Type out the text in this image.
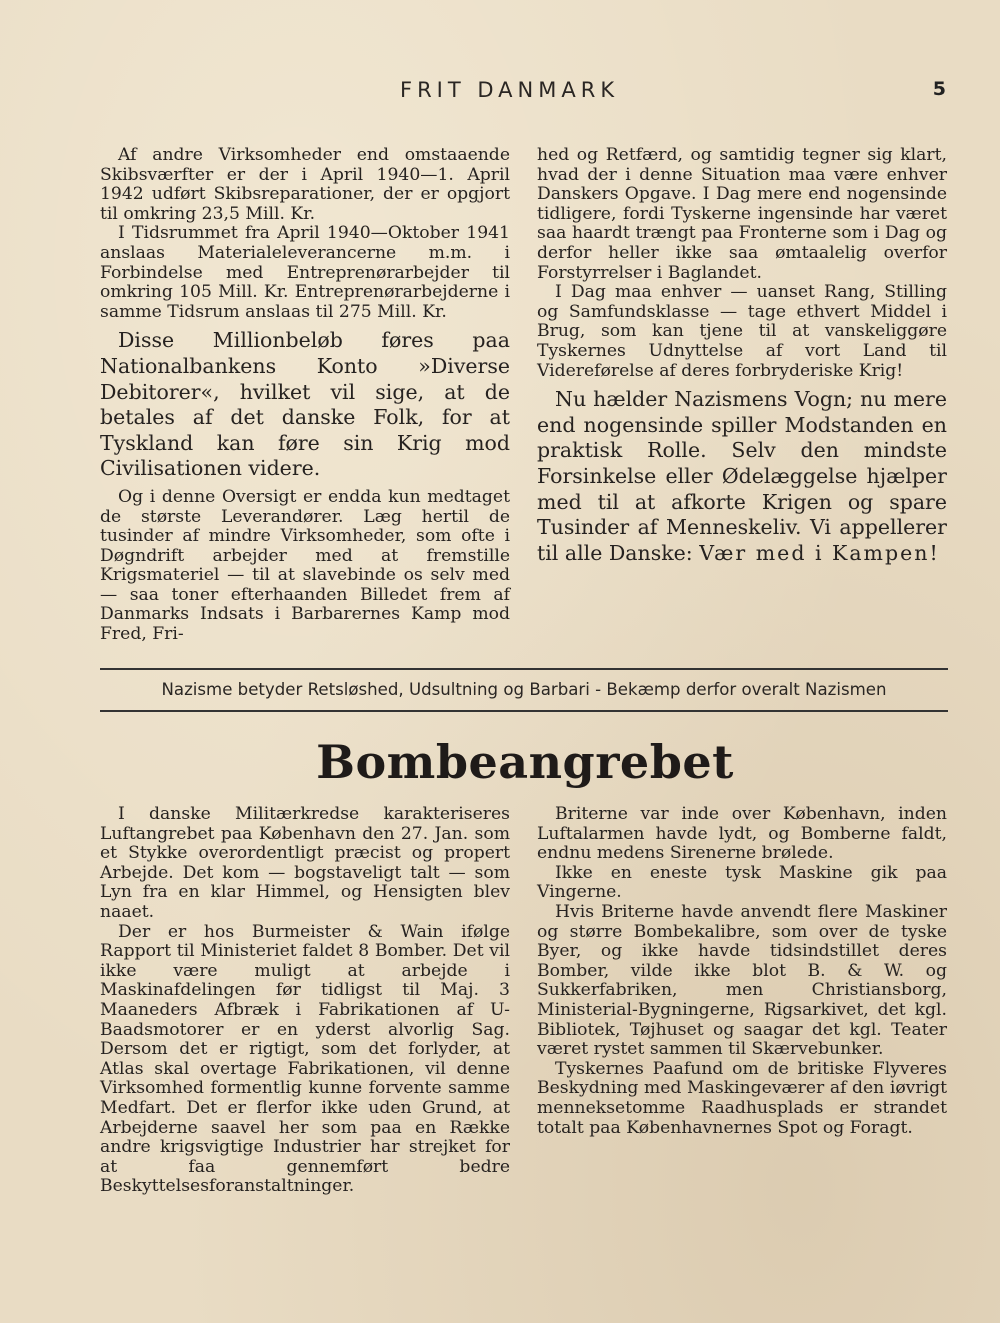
FRIT DANMARK	5

Af andre Virksomheder end omstaaende Skibsværfter er der i April 1940—1. April 1942 udført Skibsreparationer, der er opgjort til omkring 23,5 Mill. Kr.

I Tidsrummet fra April 1940—Oktober 1941 anslaas Materialeleverancerne m.m. i Forbindelse med Entreprenørarbejder til omkring 105 Mill. Kr. Entreprenørarbejderne i samme Tidsrum anslaas til 275 Mill. Kr.

Disse Millionbeløb føres paa Nationalbankens Konto »Diverse Debitorer«, hvilket vil sige, at de betales af det danske Folk, for at Tyskland kan føre sin Krig mod Civilisationen videre.

Og i denne Oversigt er endda kun medtaget de største Leverandører. Læg hertil de tusinder af mindre Virksomheder, som ofte i Døgndrift arbejder med at fremstille Krigsmateriel — til at slavebinde os selv med — saa toner efterhaanden Billedet frem af Danmarks Indsats i Barbarernes Kamp mod Fred, Fri-

hed og Retfærd, og samtidig tegner sig klart, hvad der i denne Situation maa være enhver Danskers Opgave. I Dag mere end nogensinde tidligere, fordi Tyskerne ingensinde har været saa haardt trængt paa Fronterne som i Dag og derfor heller ikke saa ømtaalelig overfor Forstyrrelser i Baglandet.

I Dag maa enhver — uanset Rang, Stilling og Samfundsklasse — tage ethvert Middel i Brug, som kan tjene til at vanskeliggøre Tyskernes Udnyttelse af vort Land til Videreførelse af deres forbryderiske Krig!

Nu hælder Nazismens Vogn; nu mere end nogensinde spiller Modstanden en praktisk Rolle. Selv den mindste Forsinkelse eller Ødelæggelse hjælper med til at afkorte Krigen og spare Tusinder af Menneskeliv. Vi appellerer til alle Danske: Vær med i Kampen!

Nazisme betyder Retsløshed, Udsultning og Barbari - Bekæmp derfor overalt Nazismen
Bombeangrebet

I danske Militærkredse karakteriseres Luftangrebet paa København den 27. Jan. som et Stykke overordentligt præcist og propert Arbejde. Det kom — bogstaveligt talt — som Lyn fra en klar Himmel, og Hensigten blev naaet.

Der er hos Burmeister & Wain ifølge Rapport til Ministeriet faldet 8 Bomber. Det vil ikke være muligt at arbejde i Maskinafdelingen før tidligst til Maj. 3 Maaneders Afbræk i Fabrikationen af U-Baadsmotorer er en yderst alvorlig Sag. Dersom det er rigtigt, som det forlyder, at Atlas skal overtage Fabrikationen, vil denne Virksomhed formentlig kunne forvente samme Medfart. Det er flerfor ikke uden Grund, at Arbejderne saavel her som paa en Række andre krigsvigtige Industrier har strejket for at faa gennemført bedre Beskyttelsesforanstaltninger.

Briterne var inde over København, inden Luftalarmen havde lydt, og Bomberne faldt, endnu medens Sirenerne brølede.

Ikke en eneste tysk Maskine gik paa Vingerne.

Hvis Briterne havde anvendt flere Maskiner og større Bombekalibre, som over de tyske Byer, og ikke havde tidsindstillet deres Bomber, vilde ikke blot B. & W. og Sukkerfabriken, men Christiansborg, Ministerial-Bygningerne, Rigsarkivet, det kgl. Bibliotek, Tøjhuset og saagar det kgl. Teater været rystet sammen til Skærvebunker.

Tyskernes Paafund om de britiske Flyveres Beskydning med Maskingeværer af den iøvrigt menneksetomme Raadhusplads er strandet totalt paa Københavnernes Spot og Foragt.
